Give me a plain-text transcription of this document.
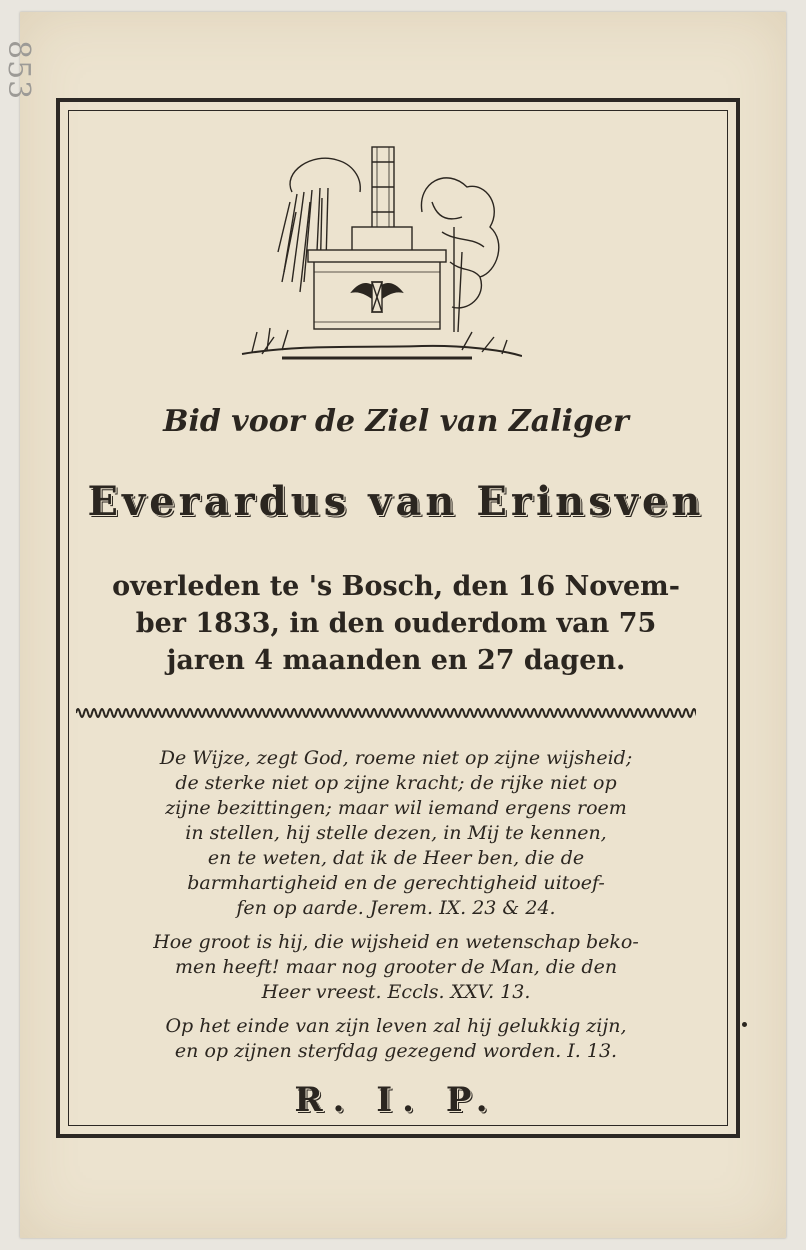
853
Bid voor de Ziel van Zaliger
Everardus van Erinsven
overleden te 's Bosch, den 16 Novem-
ber 1833, in den ouderdom van 75
jaren 4 maanden en 27 dagen.
De Wijze, zegt God, roeme niet op zijne wijsheid;
de sterke niet op zijne kracht; de rijke niet op
zijne bezittingen; maar wil iemand ergens roem
in stellen, hij stelle dezen, in Mij te kennen,
en te weten, dat ik de Heer ben, die de
barmhartigheid en de gerechtigheid uitoef-
fen op aarde. Jerem. IX. 23 & 24.
Hoe groot is hij, die wijsheid en wetenschap beko-
men heeft! maar nog grooter de Man, die den
Heer vreest. Eccls. XXV. 13.
Op het einde van zijn leven zal hij gelukkig zijn,
en op zijnen sterfdag gezegend worden. I. 13.
R. I. P.
